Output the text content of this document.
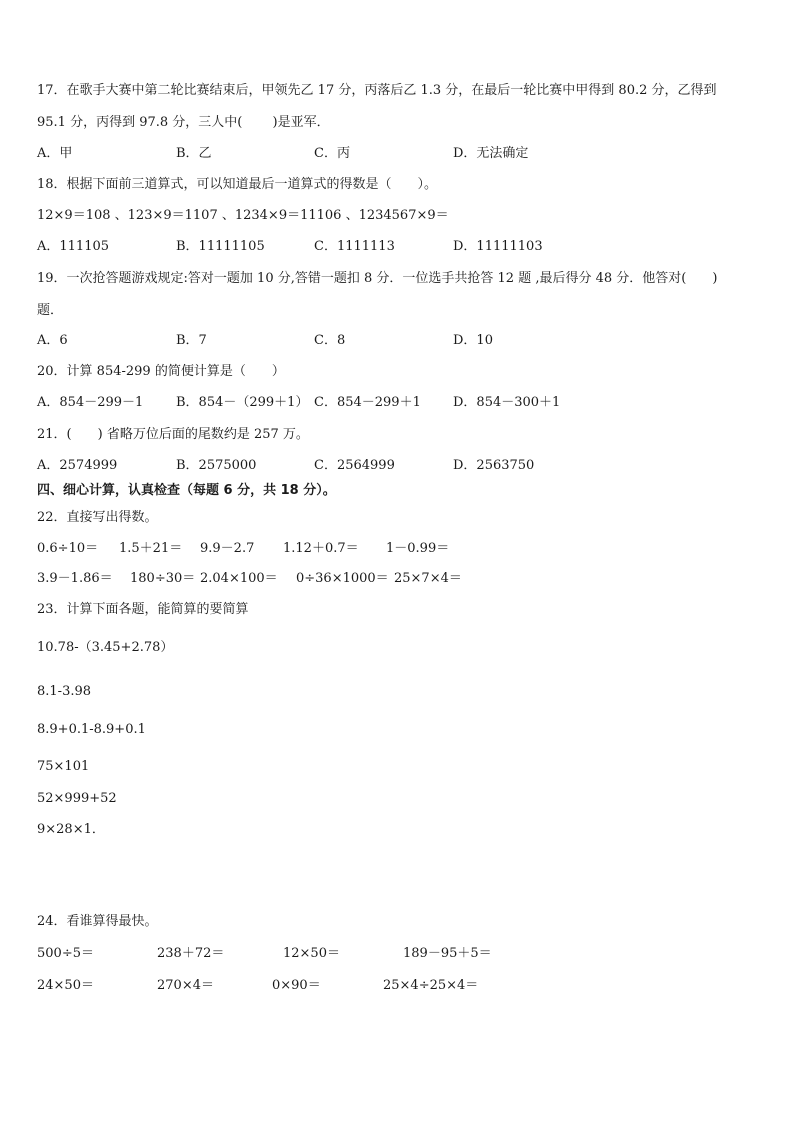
17．在歌手大赛中第二轮比赛结束后，甲领先乙 17 分，丙落后乙 1.3 分，在最后一轮比赛中甲得到 80.2 分，乙得到
95.1 分，丙得到 97.8 分，三人中(　　 )是亚军．
A．甲	B．乙	C．丙	D．无法确定
18．根据下面前三道算式，可以知道最后一道算式的得数是（　　）。
12×9＝108 、123×9＝1107 、1234×9＝11106 、1234567×9＝
A．111105	B．11111105	C．1111113	D．11111103
19．一次抢答题游戏规定:答对一题加 10 分,答错一题扣 8 分．一位选手共抢答 12 题 ,最后得分 48 分．他答对(　　)
题．
A．6	B．7	C．8	D．10
20．计算 854-299 的简便计算是（　　）
A．854－299－1	B．854－（299＋1） C．854－299＋1 D．854－300＋1
21．(　　) 省略万位后面的尾数约是 257 万。
A．2574999	B．2575000	C．2564999	D．2563750
四、细心计算，认真检查（每题 6 分，共 18 分）。
22．直接写出得数。
0.6÷10＝ 1.5＋21＝ 9.9－2.7 1.12＋0.7＝ 1－0.99＝
3.9－1.86＝ 180÷30＝ 2.04×100＝ 0÷36×1000＝ 25×7×4＝
23．计算下面各题，能简算的要简算
10.78-（3.45+2.78）
8.1-3.98
8.9+0.1-8.9+0.1
75×101
52×999+52
9×28×1．
24．看谁算得最快。
500÷5＝	238＋72＝	12×50＝	189－95＋5＝
24×50＝	270×4＝	0×90＝	25×4÷25×4＝
